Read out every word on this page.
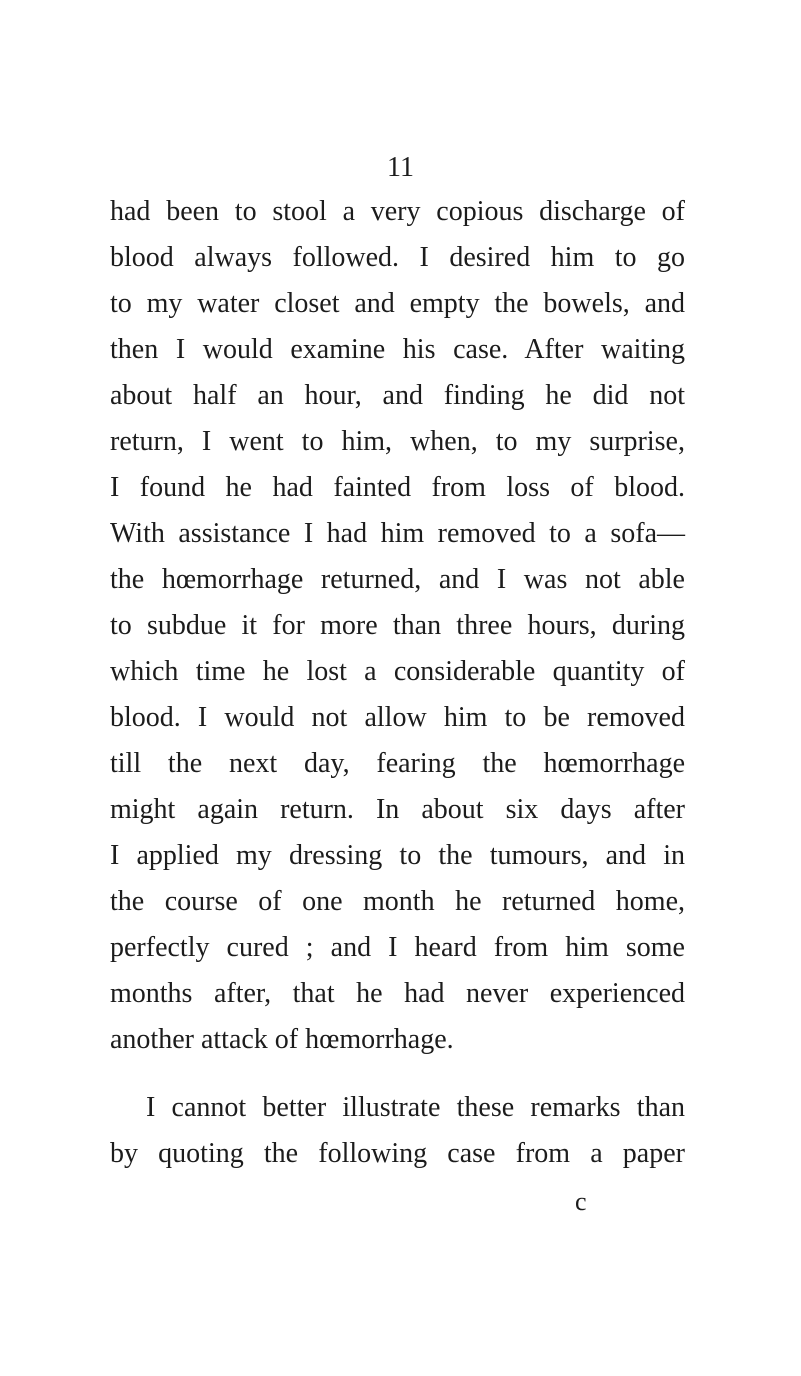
11
had been to stool a very copious discharge of
blood always followed. I desired him to go
to my water closet and empty the bowels, and
then I would examine his case. After waiting
about half an hour, and finding he did not
return, I went to him, when, to my surprise,
I found he had fainted from loss of blood.
With assistance I had him removed to a sofa—
the hœmorrhage returned, and I was not able
to subdue it for more than three hours, during
which time he lost a considerable quantity of
blood. I would not allow him to be removed
till the next day, fearing the hœmorrhage
might again return. In about six days after
I applied my dressing to the tumours, and in
the course of one month he returned home,
perfectly cured ; and I heard from him some
months after, that he had never experienced
another attack of hœmorrhage.
I cannot better illustrate these remarks than
by quoting the following case from a paper
c
